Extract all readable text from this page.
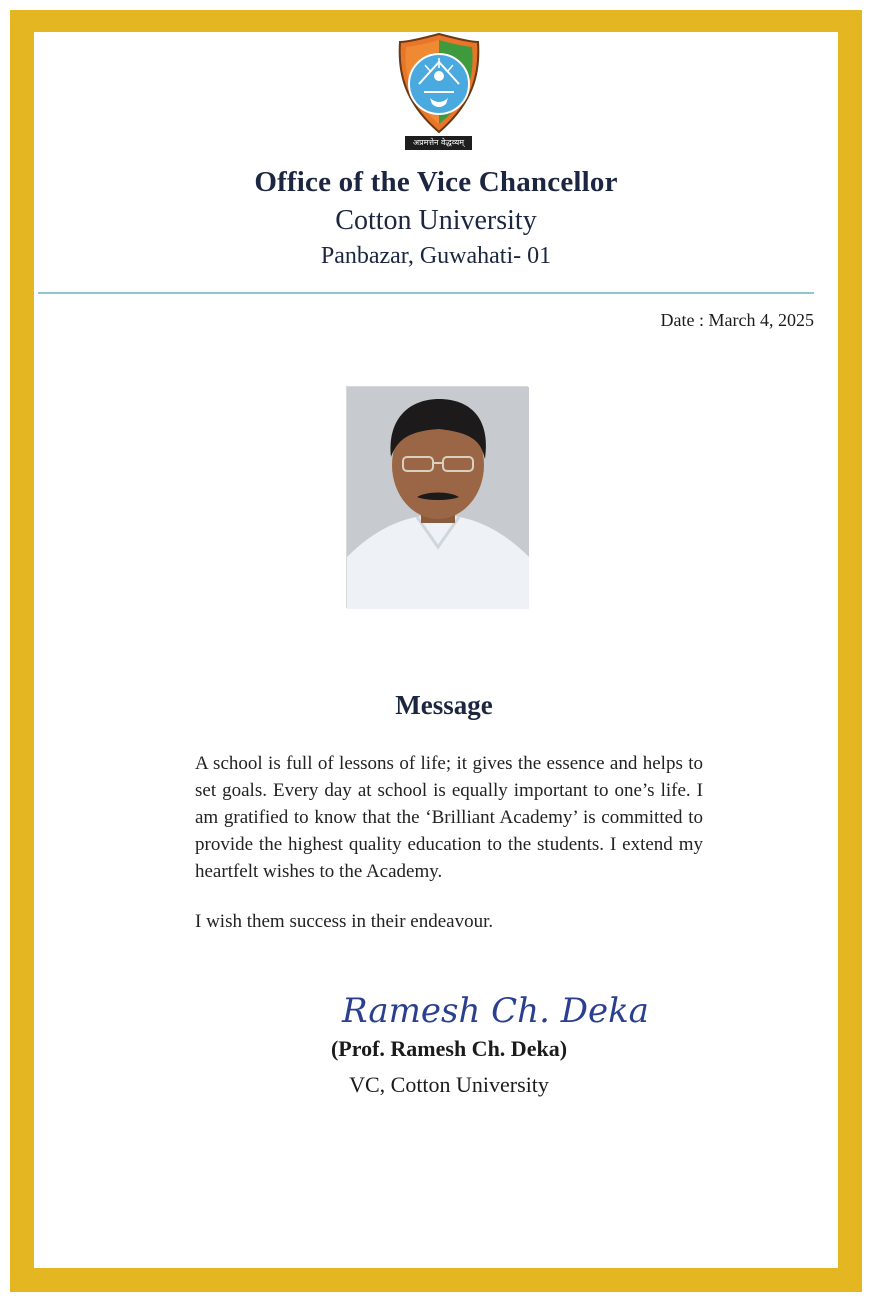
अप्रमत्तेन वेद्धव्यम्
Office of the Vice Chancellor
Cotton University
Panbazar, Guwahati- 01
Date : March 4, 2025
Message
A school is full of lessons of life; it gives the essence and helps to set goals. Every day at school is equally important to one’s life. I am gratified to know that the ‘Brilliant Academy’ is committed to provide the highest quality education to the students. I extend my heartfelt wishes to the Academy.
I wish them success in their endeavour.
Ramesh Ch. Deka
(Prof. Ramesh Ch. Deka)
VC, Cotton University
